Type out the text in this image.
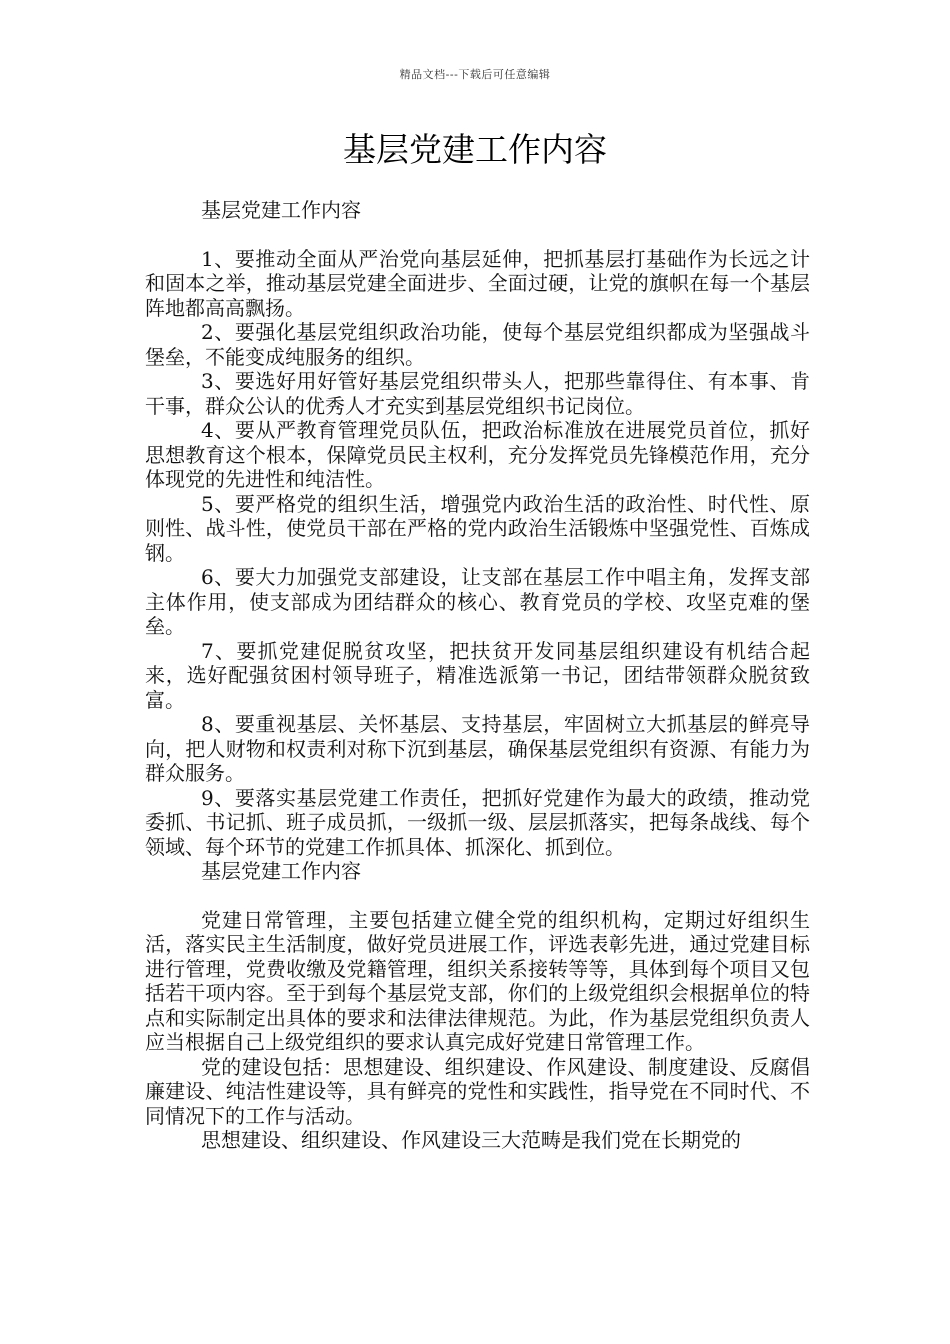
精品文档---下载后可任意编辑
基层党建工作内容

基层党建工作内容

1、要推动全面从严治党向基层延伸，把抓基层打基础作为长远之计和固本之举，推动基层党建全面进步、全面过硬，让党的旗帜在每一个基层阵地都高高飘扬。

2、要强化基层党组织政治功能，使每个基层党组织都成为坚强战斗堡垒，不能变成纯服务的组织。

3、要选好用好管好基层党组织带头人，把那些靠得住、有本事、肯干事，群众公认的优秀人才充实到基层党组织书记岗位。

4、要从严教育管理党员队伍，把政治标准放在进展党员首位，抓好思想教育这个根本，保障党员民主权利，充分发挥党员先锋模范作用，充分体现党的先进性和纯洁性。

5、要严格党的组织生活，增强党内政治生活的政治性、时代性、原则性、战斗性，使党员干部在严格的党内政治生活锻炼中坚强党性、百炼成钢。

6、要大力加强党支部建设，让支部在基层工作中唱主角，发挥支部主体作用，使支部成为团结群众的核心、教育党员的学校、攻坚克难的堡垒。

7、要抓党建促脱贫攻坚，把扶贫开发同基层组织建设有机结合起来，选好配强贫困村领导班子，精准选派第一书记，团结带领群众脱贫致富。

8、要重视基层、关怀基层、支持基层，牢固树立大抓基层的鲜亮导向，把人财物和权责利对称下沉到基层，确保基层党组织有资源、有能力为群众服务。

9、要落实基层党建工作责任，把抓好党建作为最大的政绩，推动党委抓、书记抓、班子成员抓，一级抓一级、层层抓落实，把每条战线、每个领域、每个环节的党建工作抓具体、抓深化、抓到位。

基层党建工作内容

党建日常管理，主要包括建立健全党的组织机构，定期过好组织生活，落实民主生活制度，做好党员进展工作，评选表彰先进，通过党建目标进行管理，党费收缴及党籍管理，组织关系接转等等，具体到每个项目又包括若干项内容。至于到每个基层党支部，你们的上级党组织会根据单位的特点和实际制定出具体的要求和法律法律规范。为此，作为基层党组织负责人应当根据自己上级党组织的要求认真完成好党建日常管理工作。

党的建设包括：思想建设、组织建设、作风建设、制度建设、反腐倡廉建设、纯洁性建设等，具有鲜亮的党性和实践性，指导党在不同时代、不同情况下的工作与活动。

思想建设、组织建设、作风建设三大范畴是我们党在长期党的
